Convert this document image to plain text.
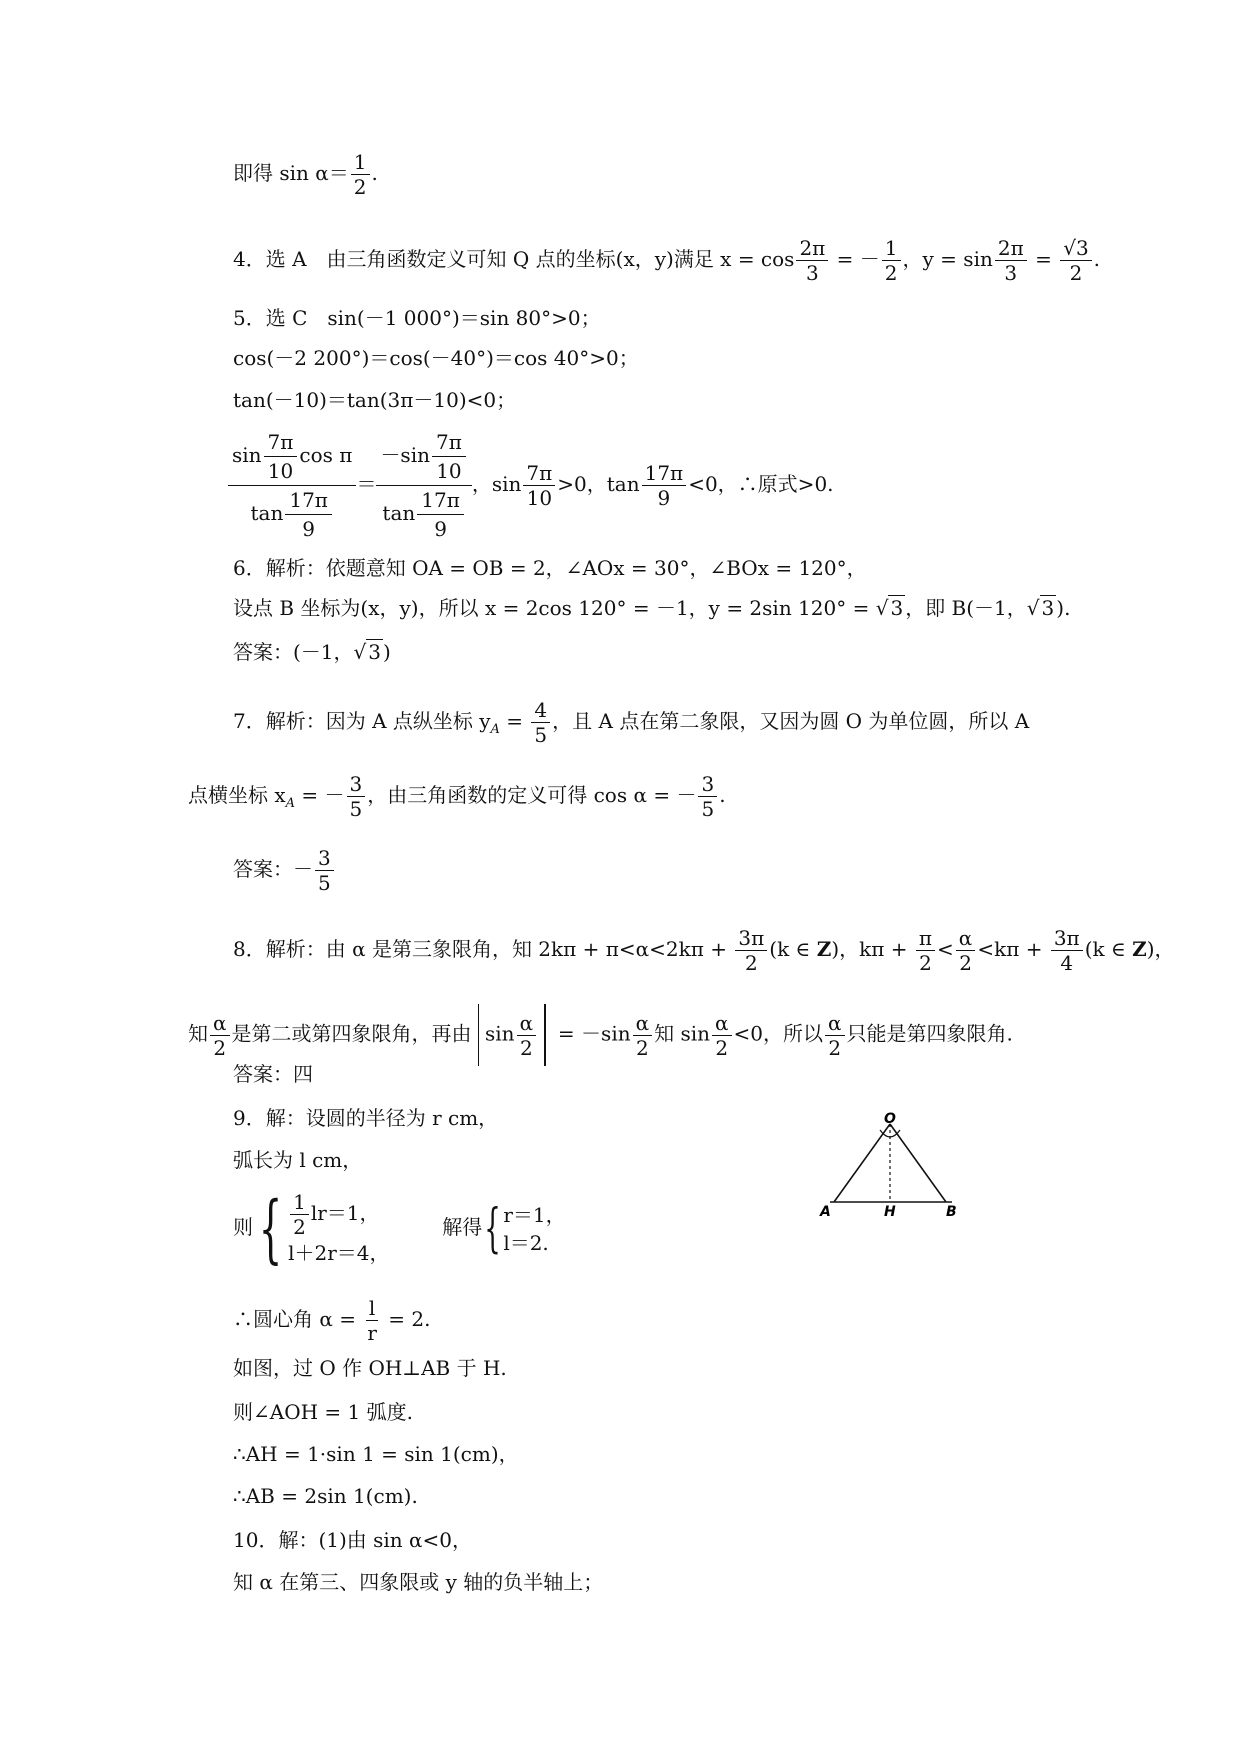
即得 $\sin \alpha= \frac{1}{2}$ .
4．选 A　由三角函数定义可知 Q 点的坐标(x，y)满足 $x = \cos \frac{2\pi}{3}$ = － $\frac{1}{2}$ ，$y = \sin \frac{2\pi}{3} = \frac{√3}{2}$ .
5．选 C　sin(－1 000°)＝sin 80°>0；
cos(－2 200°)＝cos(－40°)＝cos 40°>0；
tan(－10)＝tan(3π－10)<0；
$\frac{\sin \frac{7\pi}{10} \cos \pi}{\tan \frac{17\pi}{9}} = \frac{-\sin \frac{7\pi}{10}}{\tan \frac{17\pi}{9}}$ ，$\sin \frac{7\pi}{10} >0$，$\tan \frac{17\pi}{9} <0$，∴原式>0.
6．解析：依题意知 OA = OB = 2，∠AOx = 30°，∠BOx = 120°，
设点 B 坐标为(x，y)，所以 x = 2cos 120° = －1，y = 2sin 120° = √ 3 ，即 B(－1，√ 3 ).
答案：(－1，√ 3 )
7．解析：因为 A 点纵坐标 $y_A = \frac{4}{5}$ ，且 A 点在第二象限，又因为圆 O 为单位圆，所以 A
点横坐标 $x_A$ = － $\frac{3}{5}$ ，由三角函数的定义可得 cos α = － $\frac{3}{5}$ .
答案：－ $\frac{3}{5}$
8．解析：由 α 是第三象限角，知 $2k\pi + \pi<\alpha<2k\pi + \frac{3\pi}{2} (k$ ∈ Z)，$k\pi + \frac{\pi}{2} < \frac{\alpha}{2} <k\pi + \frac{3\pi}{4} (k$ ∈ Z)，
知 $\frac{\alpha}{2}$ 是第二或第四象限角，再由 $\sin \frac{\alpha}{2} = -\sin \frac{\alpha}{2}$ 知 $\sin \frac{\alpha}{2} <0$，所以 $\frac{\alpha}{2}$ 只能是第四象限角.
答案：四
9．解：设圆的半径为 r cm，
弧长为 l cm，
则{ $\frac{1}{2} lr=1$，
l＋2r＝4，
解得{ r＝1，
l＝2.
∴圆心角 $\alpha = \frac{l}{r} = 2$.
如图，过 O 作 OH⊥AB 于 H.
则∠AOH = 1 弧度.
∴AH = 1·sin 1 = sin 1(cm)，
∴AB = 2sin 1(cm).
O
A	H	B
10．解：(1)由 sin α<0，
知 α 在第三、四象限或 y 轴的负半轴上；
